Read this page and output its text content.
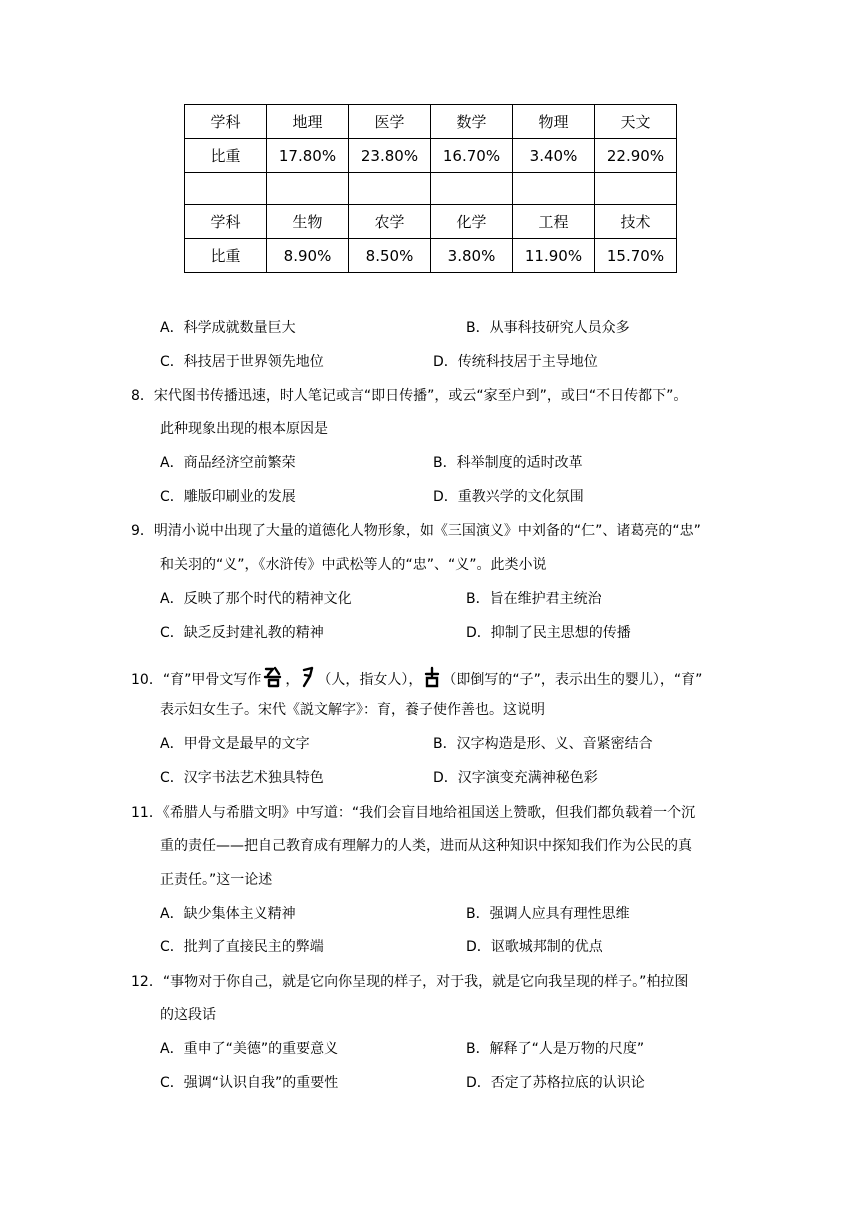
学科	地理	医学	数学	物理	天文
比重	17.80%	23.80%	16.70%	3.40%	22.90%

学科	生物	农学	化学	工程	技术
比重	8.90%	8.50%	3.80%	11.90%	15.70%
A．科学成就数量巨大	B．从事科技研究人员众多
C．科技居于世界领先地位	D．传统科技居于主导地位
8．宋代图书传播迅速，时人笔记或言“即日传播”，或云“家至户到”，或曰“不日传都下”。
此种现象出现的根本原因是
A．商品经济空前繁荣	B．科举制度的适时改革
C．雕版印刷业的发展	D．重教兴学的文化氛围
9．明清小说中出现了大量的道德化人物形象，如《三国演义》中刘备的“仁”、诸葛亮的“忠”
和关羽的“义”，《水浒传》中武松等人的“忠”、“义”。此类小说
A．反映了那个时代的精神文化	B．旨在维护君主统治
C．缺乏反封建礼教的精神	D．抑制了民主思想的传播
10．“育”甲骨文写作 ， （人，指女人）， （即倒写的“子”，表示出生的婴儿），“育”
表示妇女生子。宋代《説文解字》：育，養子使作善也。这说明
A．甲骨文是最早的文字	B．汉字构造是形、义、音紧密结合
C．汉字书法艺术独具特色	D．汉字演变充满神秘色彩
11．《希腊人与希腊文明》中写道：“我们会盲目地给祖国送上赞歌，但我们都负载着一个沉
重的责任——把自己教育成有理解力的人类，进而从这种知识中探知我们作为公民的真
正责任。”这一论述
A．缺少集体主义精神	B．强调人应具有理性思维
C．批判了直接民主的弊端	D．讴歌城邦制的优点
12．“事物对于你自己，就是它向你呈现的样子，对于我，就是它向我呈现的样子。”柏拉图
的这段话
A．重申了“美德”的重要意义	B．解释了“人是万物的尺度”
C．强调“认识自我”的重要性	D．否定了苏格拉底的认识论
